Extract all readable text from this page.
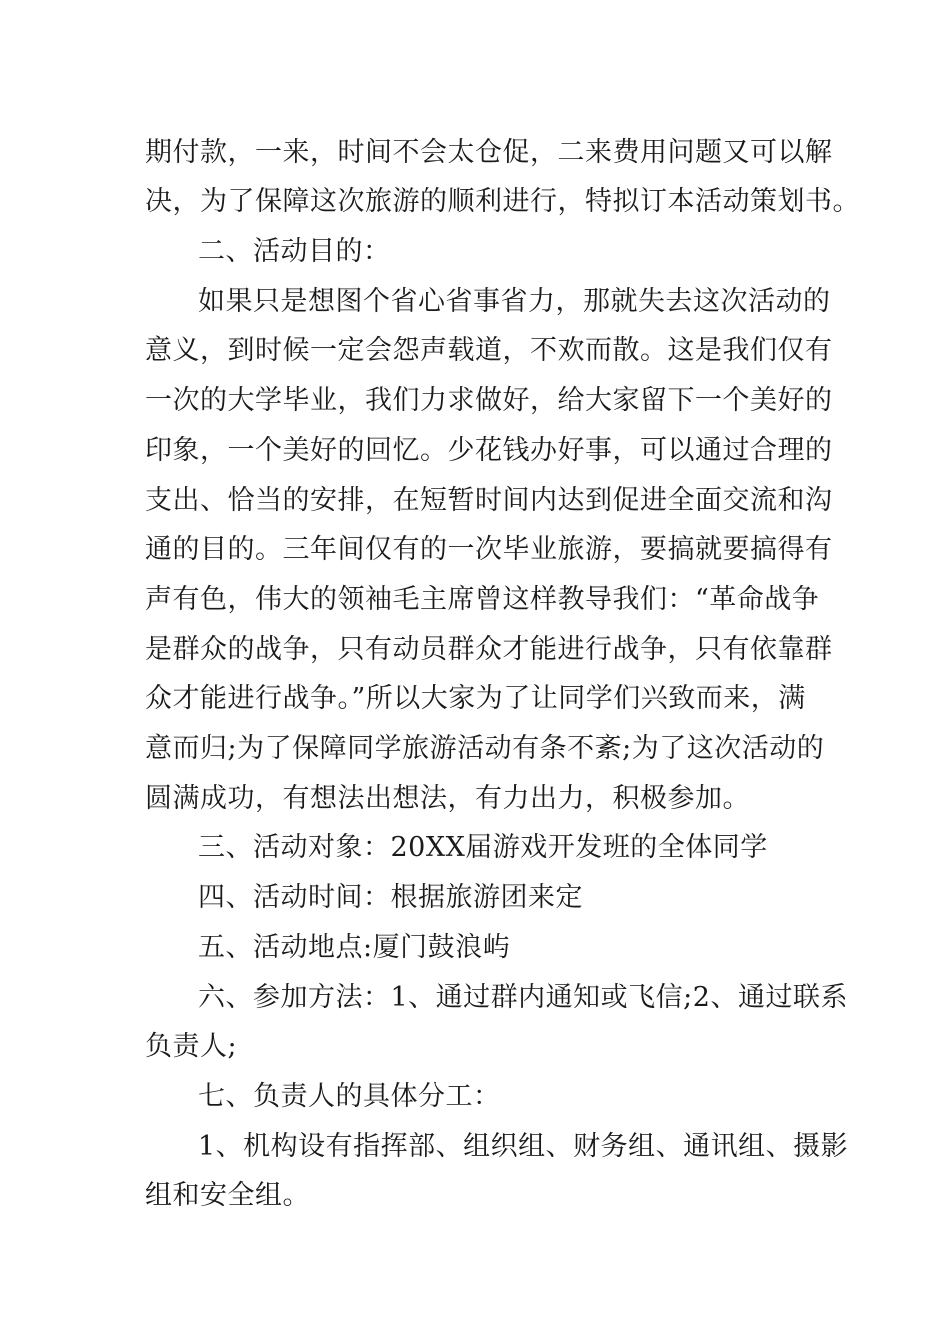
期付款，一来，时间不会太仓促，二来费用问题又可以解
决，为了保障这次旅游的顺利进行，特拟订本活动策划书。
二、活动目的：
如果只是想图个省心省事省力，那就失去这次活动的
意义，到时候一定会怨声载道，不欢而散。这是我们仅有
一次的大学毕业，我们力求做好，给大家留下一个美好的
印象，一个美好的回忆。少花钱办好事，可以通过合理的
支出、恰当的安排，在短暂时间内达到促进全面交流和沟
通的目的。三年间仅有的一次毕业旅游，要搞就要搞得有
声有色，伟大的领袖毛主席曾这样教导我们：“革命战争
是群众的战争，只有动员群众才能进行战争，只有依靠群
众才能进行战争。”所以大家为了让同学们兴致而来，满
意而归;为了保障同学旅游活动有条不紊;为了这次活动的
圆满成功，有想法出想法，有力出力，积极参加。
三、活动对象：20XX届游戏开发班的全体同学
四、活动时间：根据旅游团来定
五、活动地点:厦门鼓浪屿
六、参加方法：1、通过群内通知或飞信;2、通过联系
负责人;
七、负责人的具体分工：
1、机构设有指挥部、组织组、财务组、通讯组、摄影
组和安全组。
